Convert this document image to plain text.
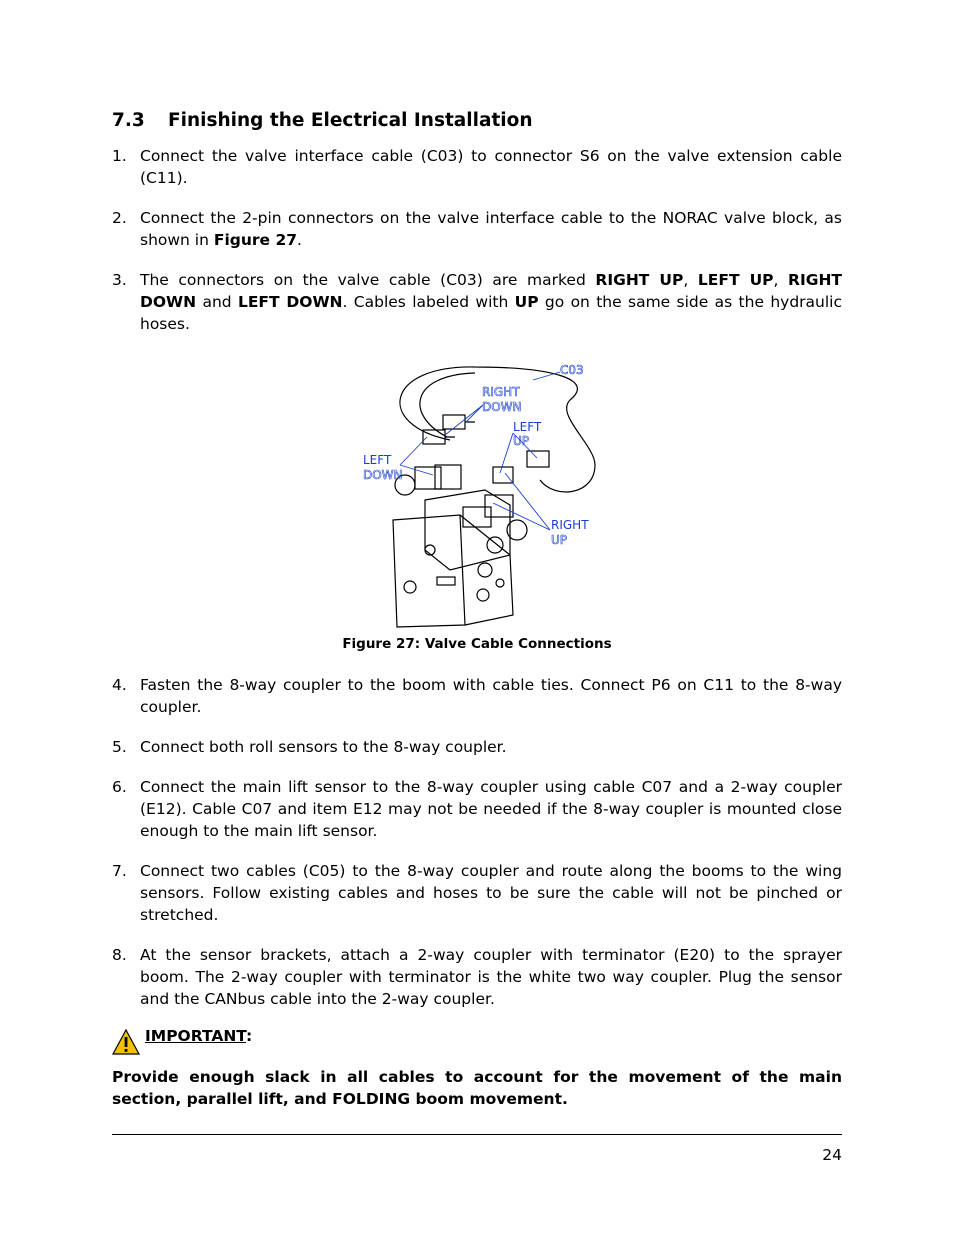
7.3 Finishing the Electrical Installation
1. Connect the valve interface cable (C03) to connector S6 on the valve extension cable (C11).
2. Connect the 2-pin connectors on the valve interface cable to the NORAC valve block, as shown in Figure 27.
3. The connectors on the valve cable (C03) are marked RIGHT UP, LEFT UP, RIGHT DOWN and LEFT DOWN. Cables labeled with UP go on the same side as the hydraulic hoses.
C03
RIGHT
DOWN
LEFT
UP
LEFT
DOWN
RIGHT
UP
Figure 27: Valve Cable Connections
4. Fasten the 8-way coupler to the boom with cable ties. Connect P6 on C11 to the 8-way coupler.
5. Connect both roll sensors to the 8-way coupler.
6. Connect the main lift sensor to the 8-way coupler using cable C07 and a 2-way coupler (E12). Cable C07 and item E12 may not be needed if the 8-way coupler is mounted close enough to the main lift sensor.
7. Connect two cables (C05) to the 8-way coupler and route along the booms to the wing sensors. Follow existing cables and hoses to be sure the cable will not be pinched or stretched.
8. At the sensor brackets, attach a 2-way coupler with terminator (E20) to the sprayer boom. The 2-way coupler with terminator is the white two way coupler. Plug the sensor and the CANbus cable into the 2-way coupler.
IMPORTANT:
Provide enough slack in all cables to account for the movement of the main section, parallel lift, and FOLDING boom movement.
24
